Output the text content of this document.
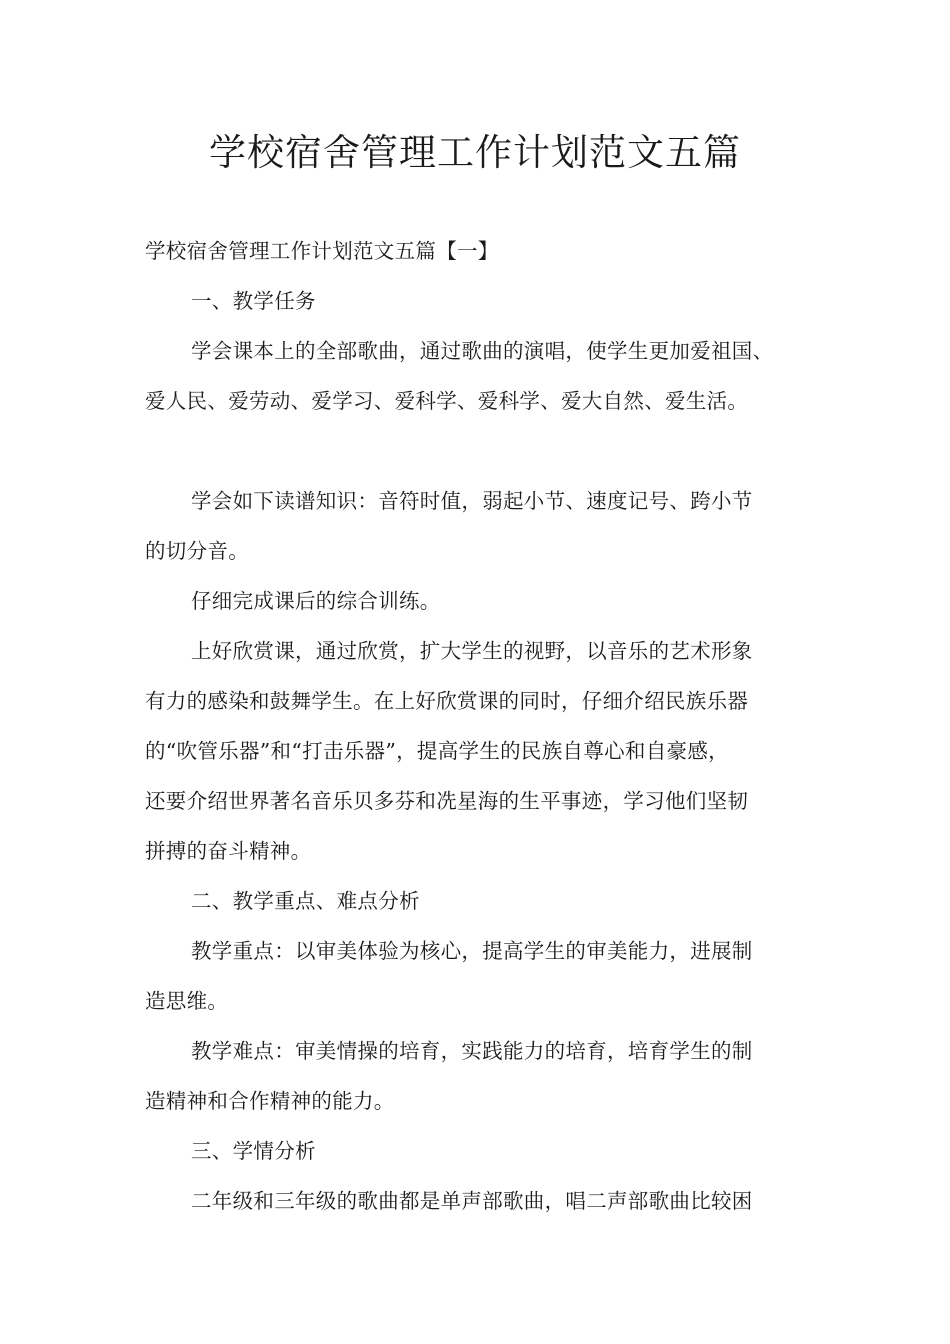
学校宿舍管理工作计划范文五篇
学校宿舍管理工作计划范文五篇【一】
一、教学任务
学会课本上的全部歌曲，通过歌曲的演唱，使学生更加爱祖国、
爱人民、爱劳动、爱学习、爱科学、爱科学、爱大自然、爱生活。
学会如下读谱知识：音符时值，弱起小节、速度记号、跨小节
的切分音。
仔细完成课后的综合训练。
上好欣赏课，通过欣赏，扩大学生的视野，以音乐的艺术形象
有力的感染和鼓舞学生。在上好欣赏课的同时，仔细介绍民族乐器
的“吹管乐器”和“打击乐器”，提高学生的民族自尊心和自豪感，
还要介绍世界著名音乐贝多芬和冼星海的生平事迹，学习他们坚韧
拼搏的奋斗精神。
二、教学重点、难点分析
教学重点：以审美体验为核心，提高学生的审美能力，进展制
造思维。
教学难点：审美情操的培育，实践能力的培育，培育学生的制
造精神和合作精神的能力。
三、学情分析
二年级和三年级的歌曲都是单声部歌曲，唱二声部歌曲比较困
